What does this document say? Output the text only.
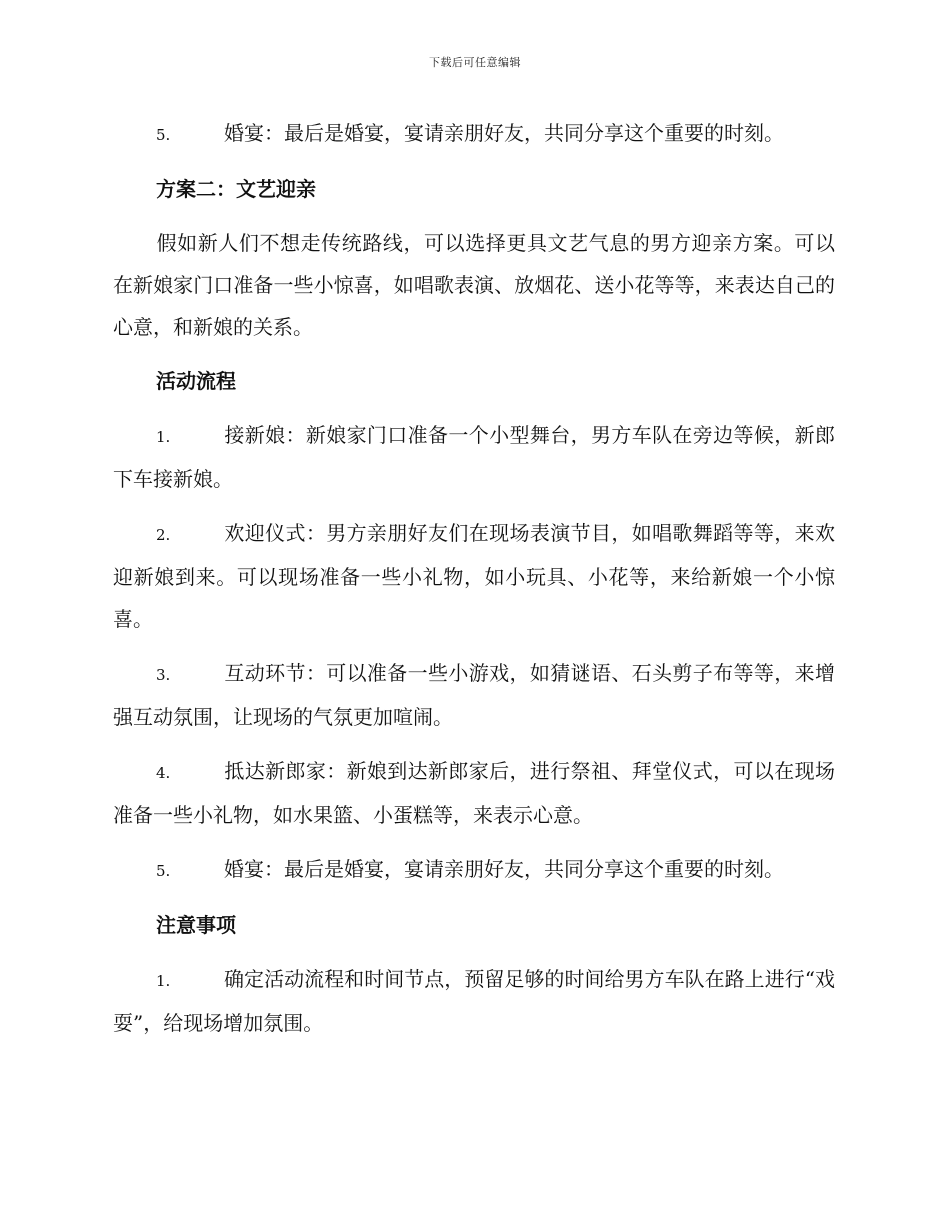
下载后可任意编辑

5.	婚宴：最后是婚宴，宴请亲朋好友，共同分享这个重要的时刻。

方案二：文艺迎亲

假如新人们不想走传统路线，可以选择更具文艺气息的男方迎亲方案。可以在新娘家门口准备一些小惊喜，如唱歌表演、放烟花、送小花等等，来表达自己的心意，和新娘的关系。

活动流程

1.	接新娘：新娘家门口准备一个小型舞台，男方车队在旁边等候，新郎下车接新娘。

2.	欢迎仪式：男方亲朋好友们在现场表演节目，如唱歌舞蹈等等，来欢迎新娘到来。可以现场准备一些小礼物，如小玩具、小花等，来给新娘一个小惊喜。

3.	互动环节：可以准备一些小游戏，如猜谜语、石头剪子布等等，来增强互动氛围，让现场的气氛更加喧闹。

4.	抵达新郎家：新娘到达新郎家后，进行祭祖、拜堂仪式，可以在现场准备一些小礼物，如水果篮、小蛋糕等，来表示心意。

5.	婚宴：最后是婚宴，宴请亲朋好友，共同分享这个重要的时刻。

注意事项

1.	确定活动流程和时间节点，预留足够的时间给男方车队在路上进行“戏耍”，给现场增加氛围。
